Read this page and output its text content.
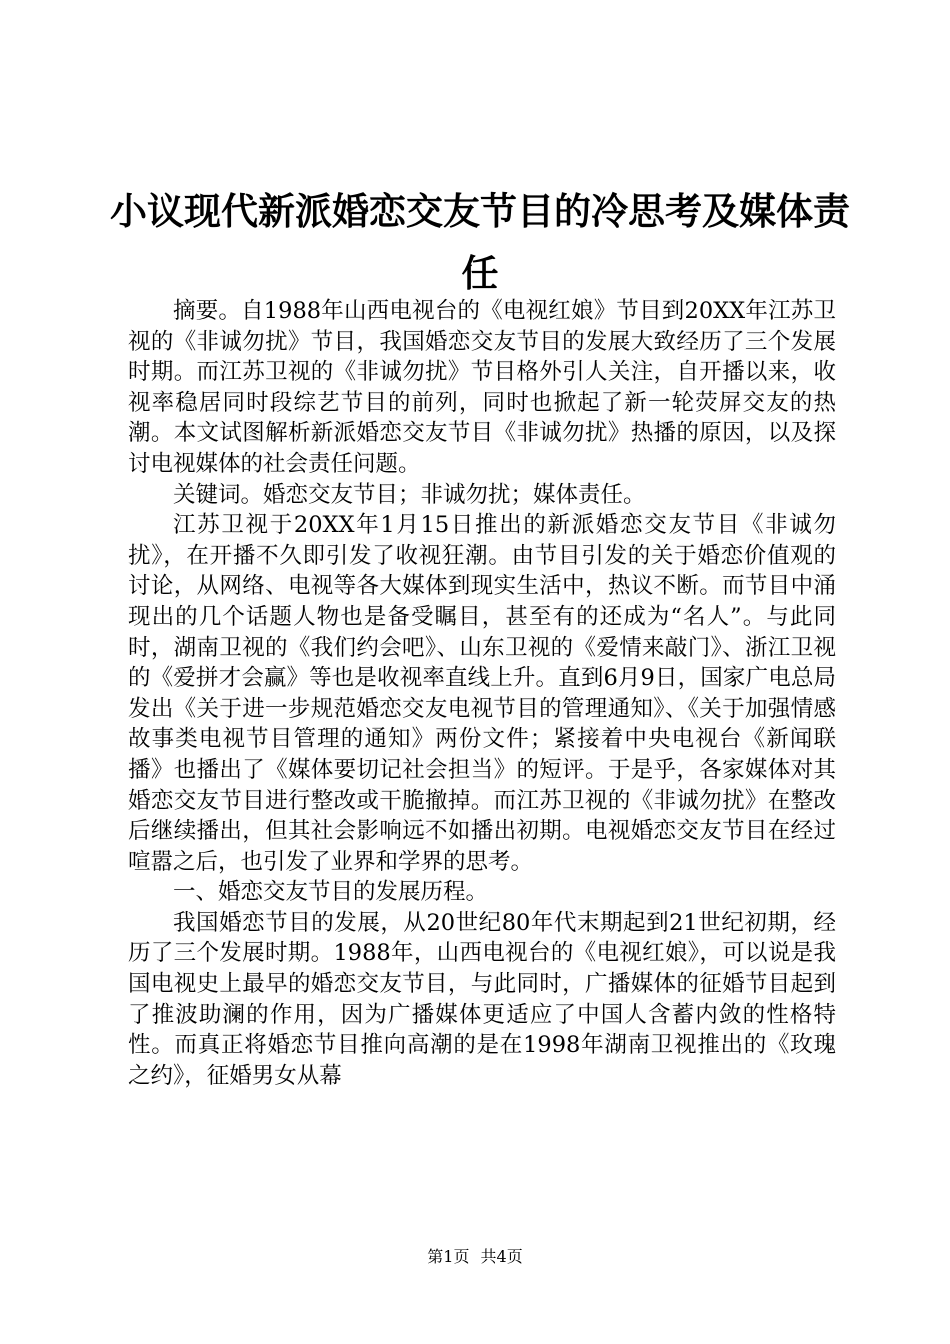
小议现代新派婚恋交友节目的冷思考及媒体责任

摘要。自1988年山西电视台的《电视红娘》节目到20XX年江苏卫视的《非诚勿扰》节目，我国婚恋交友节目的发展大致经历了三个发展时期。而江苏卫视的《非诚勿扰》节目格外引人关注，自开播以来，收视率稳居同时段综艺节目的前列，同时也掀起了新一轮荧屏交友的热潮。本文试图解析新派婚恋交友节目《非诚勿扰》热播的原因，以及探讨电视媒体的社会责任问题。

关键词。婚恋交友节目；非诚勿扰；媒体责任。

江苏卫视于20XX年1月15日推出的新派婚恋交友节目《非诚勿扰》，在开播不久即引发了收视狂潮。由节目引发的关于婚恋价值观的讨论，从网络、电视等各大媒体到现实生活中，热议不断。而节目中涌现出的几个话题人物也是备受瞩目，甚至有的还成为“名人”。与此同时，湖南卫视的《我们约会吧》、山东卫视的《爱情来敲门》、浙江卫视的《爱拼才会赢》等也是收视率直线上升。直到6月9日，国家广电总局发出《关于进一步规范婚恋交友电视节目的管理通知》、《关于加强情感故事类电视节目管理的通知》两份文件；紧接着中央电视台《新闻联播》也播出了《媒体要切记社会担当》的短评。于是乎，各家媒体对其婚恋交友节目进行整改或干脆撤掉。而江苏卫视的《非诚勿扰》在整改后继续播出，但其社会影响远不如播出初期。电视婚恋交友节目在经过喧嚣之后，也引发了业界和学界的思考。

一、婚恋交友节目的发展历程。

我国婚恋节目的发展，从20世纪80年代末期起到21世纪初期，经历了三个发展时期。1988年，山西电视台的《电视红娘》，可以说是我国电视史上最早的婚恋交友节目，与此同时，广播媒体的征婚节目起到了推波助澜的作用，因为广播媒体更适应了中国人含蓄内敛的性格特性。而真正将婚恋节目推向高潮的是在1998年湖南卫视推出的《玫瑰之约》，征婚男女从幕

第1页 共4页
